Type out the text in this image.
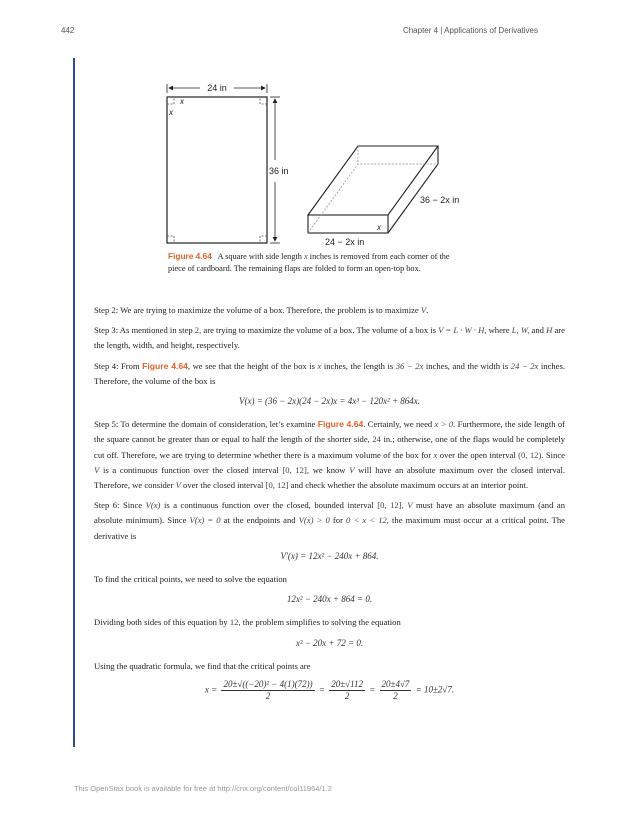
442	Chapter 4 | Applications of Derivatives
24 in
36 in
x
x
36 − 2x in
24 − 2x in
x
Figure 4.64 A square with side length x inches is removed from each corner of the piece of cardboard. The remaining flaps are folded to form an open-top box.

Step 2: We are trying to maximize the volume of a box. Therefore, the problem is to maximize V.

Step 3: As mentioned in step 2, are trying to maximize the volume of a box. The volume of a box is V = L · W · H, where L, W, and H are the length, width, and height, respectively.

Step 4: From Figure 4.64, we see that the height of the box is x inches, the length is 36 − 2x inches, and the width is 24 − 2x inches. Therefore, the volume of the box is

V(x) = (36 − 2x)(24 − 2x)x = 4x³ − 120x² + 864x.

Step 5: To determine the domain of consideration, let’s examine Figure 4.64. Certainly, we need x > 0. Furthermore, the side length of the square cannot be greater than or equal to half the length of the shorter side, 24 in.; otherwise, one of the flaps would be completely cut off. Therefore, we are trying to determine whether there is a maximum volume of the box for x over the open interval (0, 12). Since V is a continuous function over the closed interval [0, 12], we know V will have an absolute maximum over the closed interval. Therefore, we consider V over the closed interval [0, 12] and check whether the absolute maximum occurs at an interior point.

Step 6: Since V(x) is a continuous function over the closed, bounded interval [0, 12], V must have an absolute maximum (and an absolute minimum). Since V(x) = 0 at the endpoints and V(x) > 0 for 0 < x < 12, the maximum must occur at a critical point. The derivative is

V′(x) = 12x² − 240x + 864.

To find the critical points, we need to solve the equation

12x² − 240x + 864 = 0.

Dividing both sides of this equation by 12, the problem simplifies to solving the equation

x² − 20x + 72 = 0.

Using the quadratic formula, we find that the critical points are

$x = \frac{\text{20±√((−20)² − 4(1)(72))}}{2} = \frac{20\pm√112}{2} = \frac{20\pm 4√7}{2} = 10\pm 2√7$.
This OpenStax book is available for free at http://cnx.org/content/col11964/1.2
